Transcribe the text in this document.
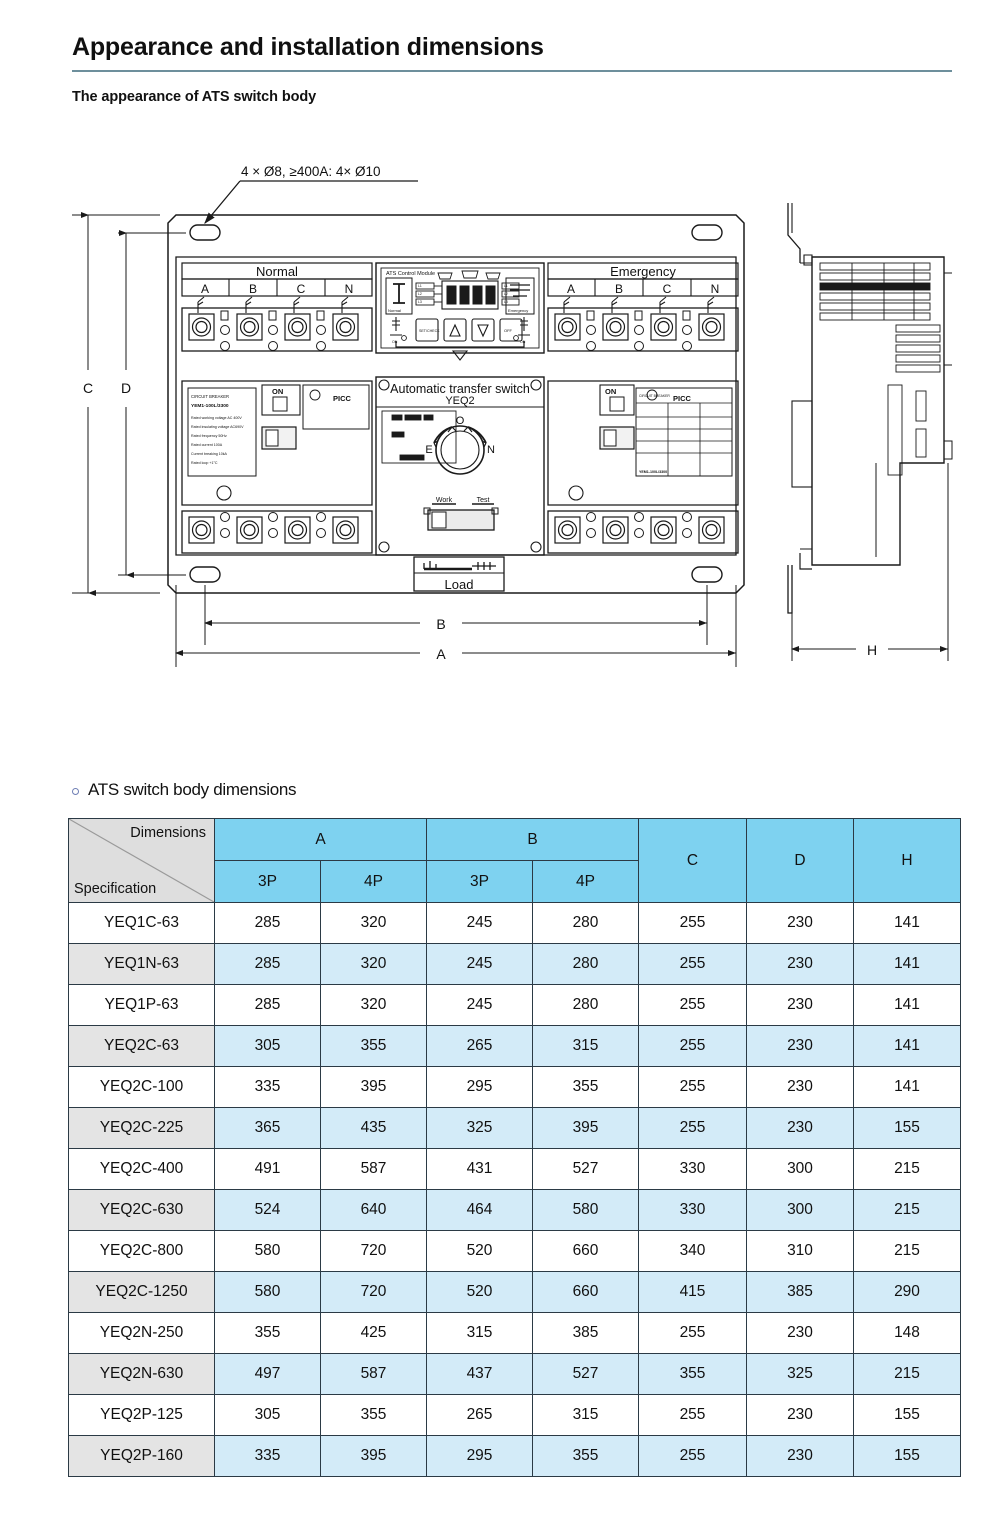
Appearance and installation dimensions
The appearance of ATS switch body
4 × Ø8, ≥400A: 4× Ø10
Normal
A	B	C	N
Emergency
A	B	C	N
ATS Control Module
Normal	Emergency
SET/CHECK	OFF
ON	ON
L1
L2
L3
L1
L2
L3
Automatic transfer switch
YEQ2
O
E	N
Work	Test
CIRCUIT BREAKER
YEM1-100L/3300
Rated working voltage AC 400V
Rated insulating voltage AC690V
Rated frequency 50Hz
Rated current 100A
Current breaking 10kA
Rated loop +1°C
ON
PICC
ON
PICC
CIRCUIT BREAKER
YEM1-100L/3300
Load
C D
B
A	H
ATS switch body dimensions
Dimensions
Specification	A		B		C	D	H
	3P	4P	3P	4P			
YEQ1C-63	285	320	245	280	255	230	141
YEQ1N-63	285	320	245	280	255	230	141
YEQ1P-63	285	320	245	280	255	230	141
YEQ2C-63	305	355	265	315	255	230	141
YEQ2C-100	335	395	295	355	255	230	141
YEQ2C-225	365	435	325	395	255	230	155
YEQ2C-400	491	587	431	527	330	300	215
YEQ2C-630	524	640	464	580	330	300	215
YEQ2C-800	580	720	520	660	340	310	215
YEQ2C-1250	580	720	520	660	415	385	290
YEQ2N-250	355	425	315	385	255	230	148
YEQ2N-630	497	587	437	527	355	325	215
YEQ2P-125	305	355	265	315	255	230	155
YEQ2P-160	335	395	295	355	255	230	155
